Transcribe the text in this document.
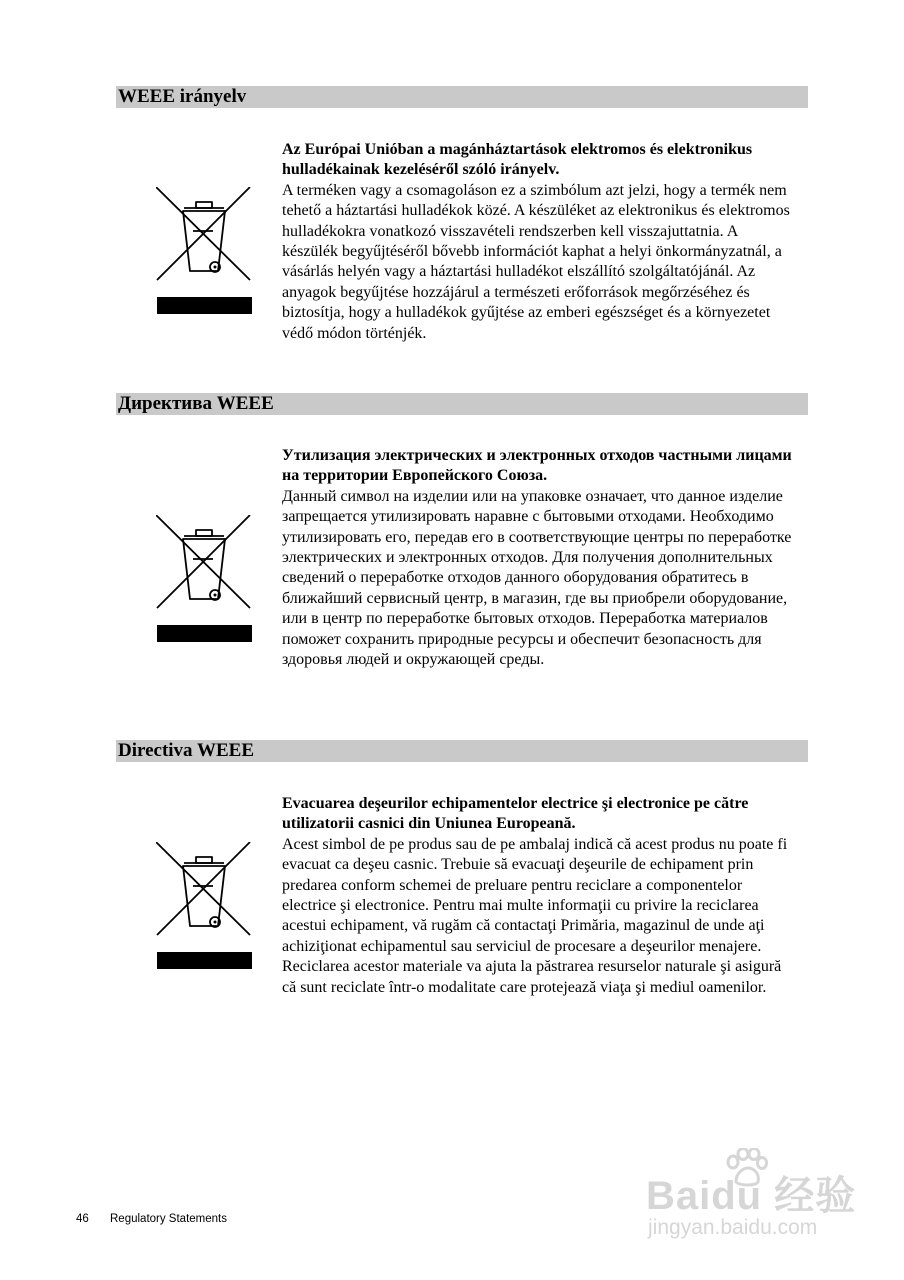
WEEE irányelv

Az Európai Unióban a magánháztartások elektromos és elektronikus hulladékainak kezeléséről szóló irányelv.

A terméken vagy a csomagoláson ez a szimbólum azt jelzi, hogy a termék nem tehető a háztartási hulladékok közé. A készüléket az elektronikus és elektromos hulladékokra vonatkozó visszavételi rendszerben kell visszajuttatnia. A készülék begyűjtéséről bővebb információt kaphat a helyi önkormányzatnál, a vásárlás helyén vagy a háztartási hulladékot elszállító szolgáltatójánál. Az anyagok begyűjtése hozzájárul a természeti erőforrások megőrzéséhez és biztosítja, hogy a hulladékok gyűjtése az emberi egészséget és a környezetet védő módon történjék.

Директива WEEE

Утилизация электрических и электронных отходов частными лицами на территории Европейского Союза.

Данный символ на изделии или на упаковке означает, что данное изделие запрещается утилизировать наравне с бытовыми отходами. Необходимо утилизировать его, передав его в соответствующие центры по переработке электрических и электронных отходов. Для получения дополнительных сведений о переработке отходов данного оборудования обратитесь в ближайший сервисный центр, в магазин, где вы приобрели оборудование, или в центр по переработке бытовых отходов. Переработка материалов поможет сохранить природные ресурсы и обеспечит безопасность для здоровья людей и окружающей среды.

Directiva WEEE

Evacuarea deşeurilor echipamentelor electrice şi electronice pe către utilizatorii casnici din Uniunea Europeană.

Acest simbol de pe produs sau de pe ambalaj indică că acest produs nu poate fi evacuat ca deşeu casnic. Trebuie să evacuaţi deşeurile de echipament prin predarea conform schemei de preluare pentru reciclare a componentelor electrice şi electronice. Pentru mai multe informaţii cu privire la reciclarea acestui echipament, vă rugăm că contactaţi Primăria, magazinul de unde aţi achiziţionat echipamentul sau serviciul de procesare a deşeurilor menajere. Reciclarea acestor materiale va ajuta la păstrarea resurselor naturale şi asigură că sunt reciclate într-o modalitate care protejează viaţa şi mediul oamenilor.

46 Regulatory Statements
Baidu 经验
jingyan.baidu.com
